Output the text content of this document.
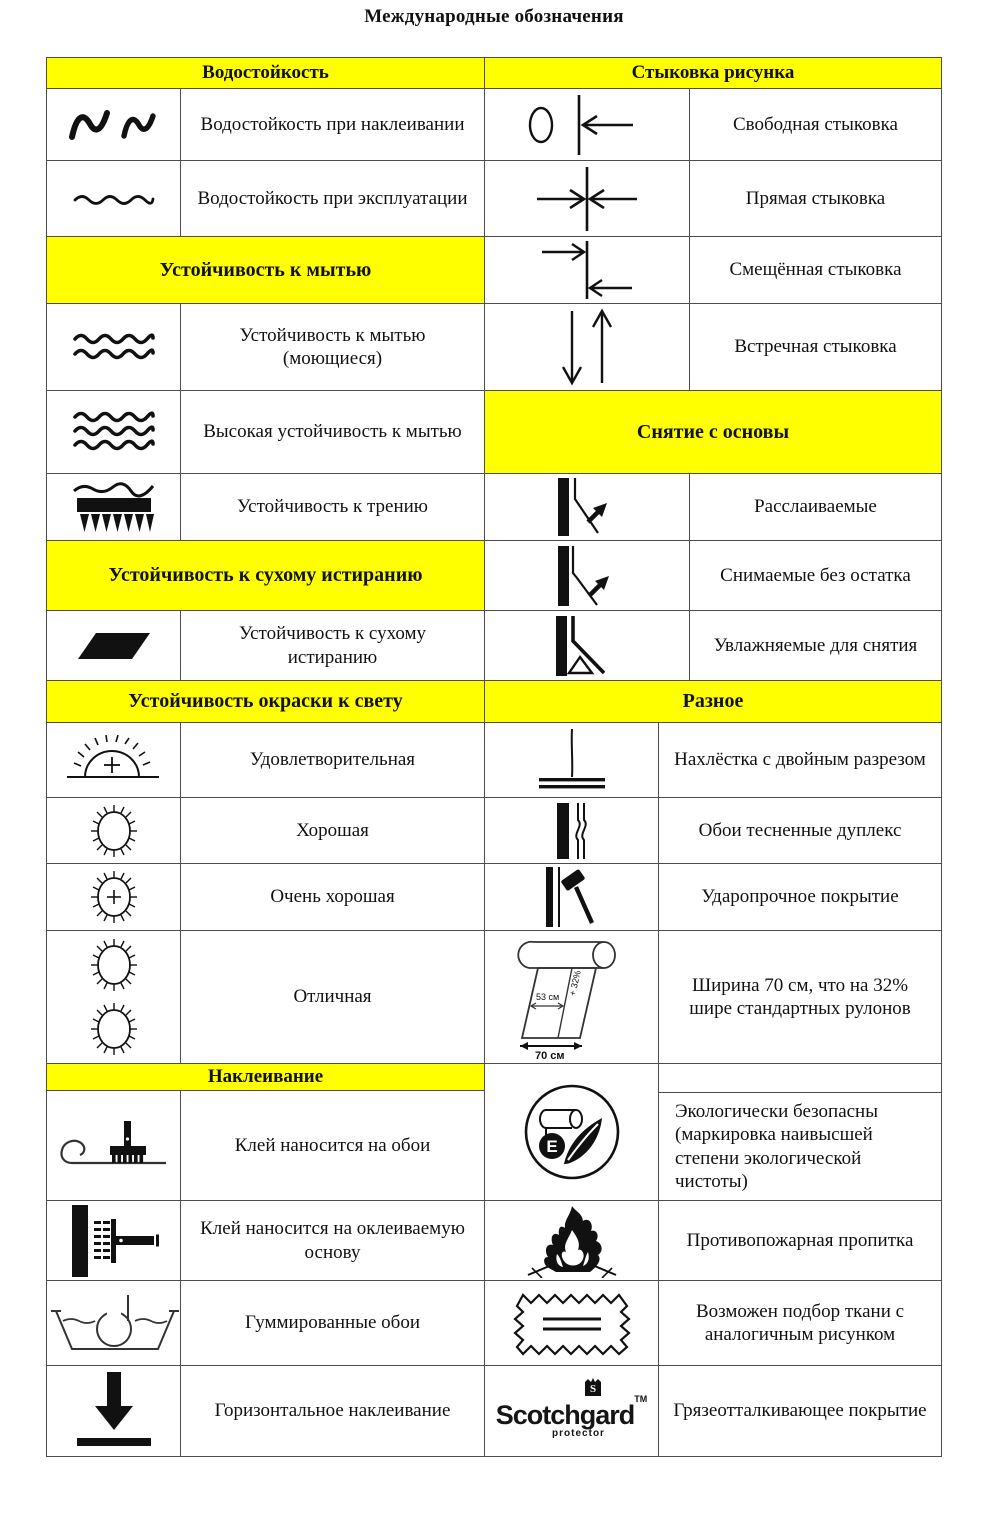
Международные обозначения
Водостойкость
Водостойкость при наклеивании
Водостойкость при эксплуатации
Устойчивость к мытью
Устойчивость к мытью (моющиеся)
Высокая устойчивость к мытью
Устойчивость к трению
Устойчивость к сухому истиранию
Устойчивость к сухому истиранию
Устойчивость окраски к свету
Удовлетворительная
Хорошая
Очень хорошая
Отличная
Наклеивание
Клей наносится на обои
Клей наносится на оклеиваемую основу
Гуммированные обои
Горизонтальное наклеивание
Стыковка рисунка
Свободная стыковка
Прямая стыковка
Смещённая стыковка
Встречная стыковка
Снятие с основы
Расслаиваемые
Снимаемые без остатка
Увлажняемые для снятия
Разное
Нахлёстка с двойным разрезом
Обои тесненные дуплекс
Ударопрочное покрытие
53 см
+ 32%
70 см
Ширина 70 см, что на 32% шире стандартных рулонов
E
Экологически безопасны (маркировка наивысшей степени экологической чистоты)
Противопожарная пропитка
Возможен подбор ткани с аналогичным рисунком
S
Scotchgard™
protector
Грязеотталкивающее покрытие
